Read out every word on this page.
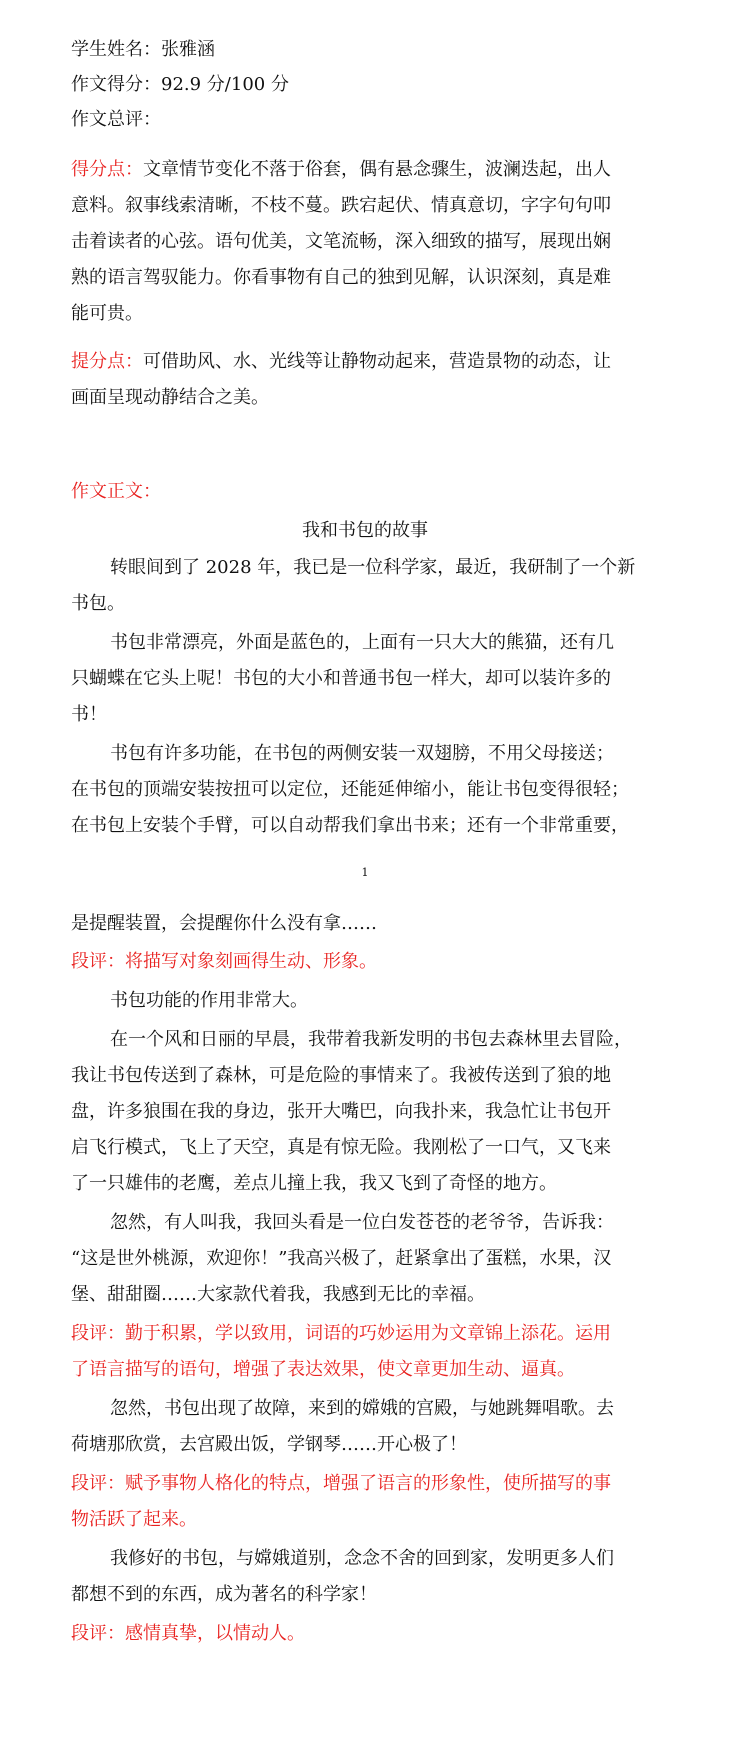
学生姓名：张雅涵
作文得分：92.9 分/100 分
作文总评：
得分点：文章情节变化不落于俗套，偶有悬念骤生，波澜迭起，出人
意料。叙事线索清晰，不枝不蔓。跌宕起伏、情真意切，字字句句叩
击着读者的心弦。语句优美，文笔流畅，深入细致的描写，展现出娴
熟的语言驾驭能力。你看事物有自己的独到见解，认识深刻，真是难
能可贵。
提分点：可借助风、水、光线等让静物动起来，营造景物的动态，让
画面呈现动静结合之美。
作文正文：
我和书包的故事
转眼间到了 2028 年，我已是一位科学家，最近，我研制了一个新
书包。
书包非常漂亮，外面是蓝色的，上面有一只大大的熊猫，还有几
只蝴蝶在它头上呢！书包的大小和普通书包一样大，却可以装许多的
书！
书包有许多功能，在书包的两侧安装一双翅膀，不用父母接送；
在书包的顶端安装按扭可以定位，还能延伸缩小，能让书包变得很轻；
在书包上安装个手臂，可以自动帮我们拿出书来；还有一个非常重要，
1
是提醒装置，会提醒你什么没有拿……
段评：将描写对象刻画得生动、形象。
书包功能的作用非常大。
在一个风和日丽的早晨，我带着我新发明的书包去森林里去冒险，
我让书包传送到了森林，可是危险的事情来了。我被传送到了狼的地
盘，许多狼围在我的身边，张开大嘴巴，向我扑来，我急忙让书包开
启飞行模式，飞上了天空，真是有惊无险。我刚松了一口气，又飞来
了一只雄伟的老鹰，差点儿撞上我，我又飞到了奇怪的地方。
忽然，有人叫我，我回头看是一位白发苍苍的老爷爷，告诉我：
“这是世外桃源，欢迎你！”我高兴极了，赶紧拿出了蛋糕，水果，汉
堡、甜甜圈……大家款代着我，我感到无比的幸福。
段评：勤于积累，学以致用，词语的巧妙运用为文章锦上添花。运用
了语言描写的语句，增强了表达效果，使文章更加生动、逼真。
忽然，书包出现了故障，来到的嫦娥的宫殿，与她跳舞唱歌。去
荷塘那欣赏，去宫殿出饭，学钢琴……开心极了！
段评：赋予事物人格化的特点，增强了语言的形象性，使所描写的事
物活跃了起来。
我修好的书包，与嫦娥道别，念念不舍的回到家，发明更多人们
都想不到的东西，成为著名的科学家！
段评：感情真挚，以情动人。
